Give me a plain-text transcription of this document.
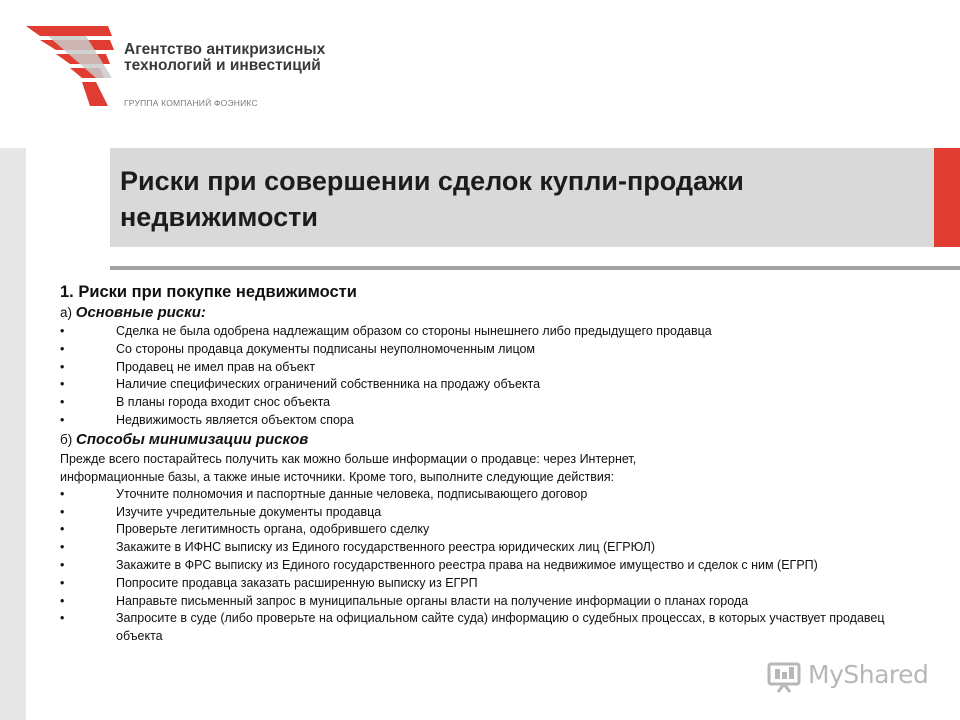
Агентство антикризисных
технологий и инвестиций
ГРУППА КОМПАНИЙ ФОЭНИКС
Риски при совершении сделок купли-продажи
недвижимости
1. Риски при покупке недвижимости
а) Основные риски:
•	Сделка не была одобрена надлежащим образом со стороны нынешнего либо предыдущего продавца
•	Со стороны продавца документы подписаны неуполномоченным лицом
•	Продавец не имел прав на объект
•	Наличие специфических ограничений собственника на продажу объекта
•	В планы города входит снос объекта
•	Недвижимость является объектом спора
б) Способы минимизации рисков
Прежде всего постарайтесь получить как можно больше информации о продавце: через Интернет,
информационные базы, а также иные источники. Кроме того, выполните следующие действия:
•	Уточните полномочия и паспортные данные человека, подписывающего договор
•	Изучите учредительные документы продавца
•	Проверьте легитимность органа, одобрившего сделку
•	Закажите в ИФНС выписку из Единого государственного реестра юридических лиц (ЕГРЮЛ)
•	Закажите в ФРС выписку из Единого государственного реестра права на недвижимое имущество и сделок с ним (ЕГРП)
•	Попросите продавца заказать расширенную выписку из ЕГРП
•	Направьте письменный запрос в муниципальные органы власти на получение информации о планах города
•	Запросите в суде (либо проверьте на официальном сайте суда) информацию о судебных процессах, в которых участвует продавец объекта
MyShared
